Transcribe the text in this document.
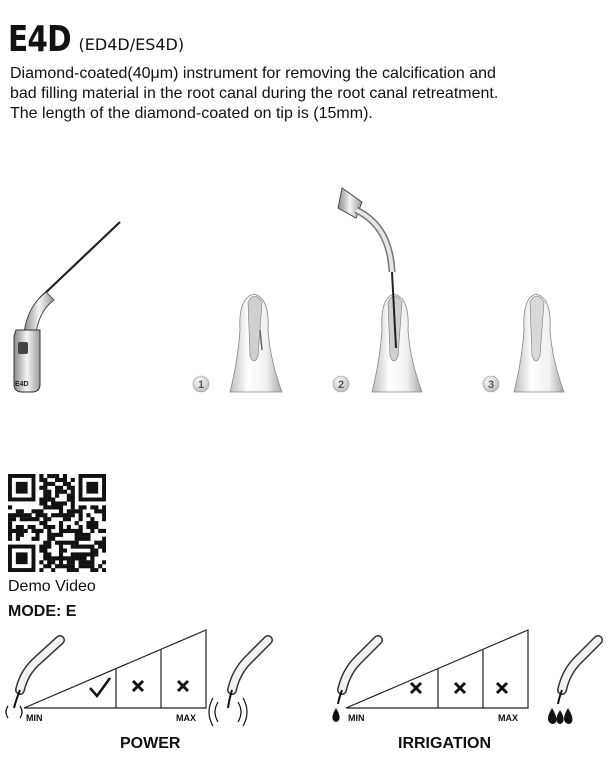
E4D (ED4D/ES4D)
Diamond-coated(40μm) instrument for removing the calcification and
bad filling material in the root canal during the root canal retreatment.
The length of the diamond-coated on tip is (15mm).
E4D	1	2	3
Demo Video
MODE: E
MIN	MAX
POWER
MIN	MAX
IRRIGATION
